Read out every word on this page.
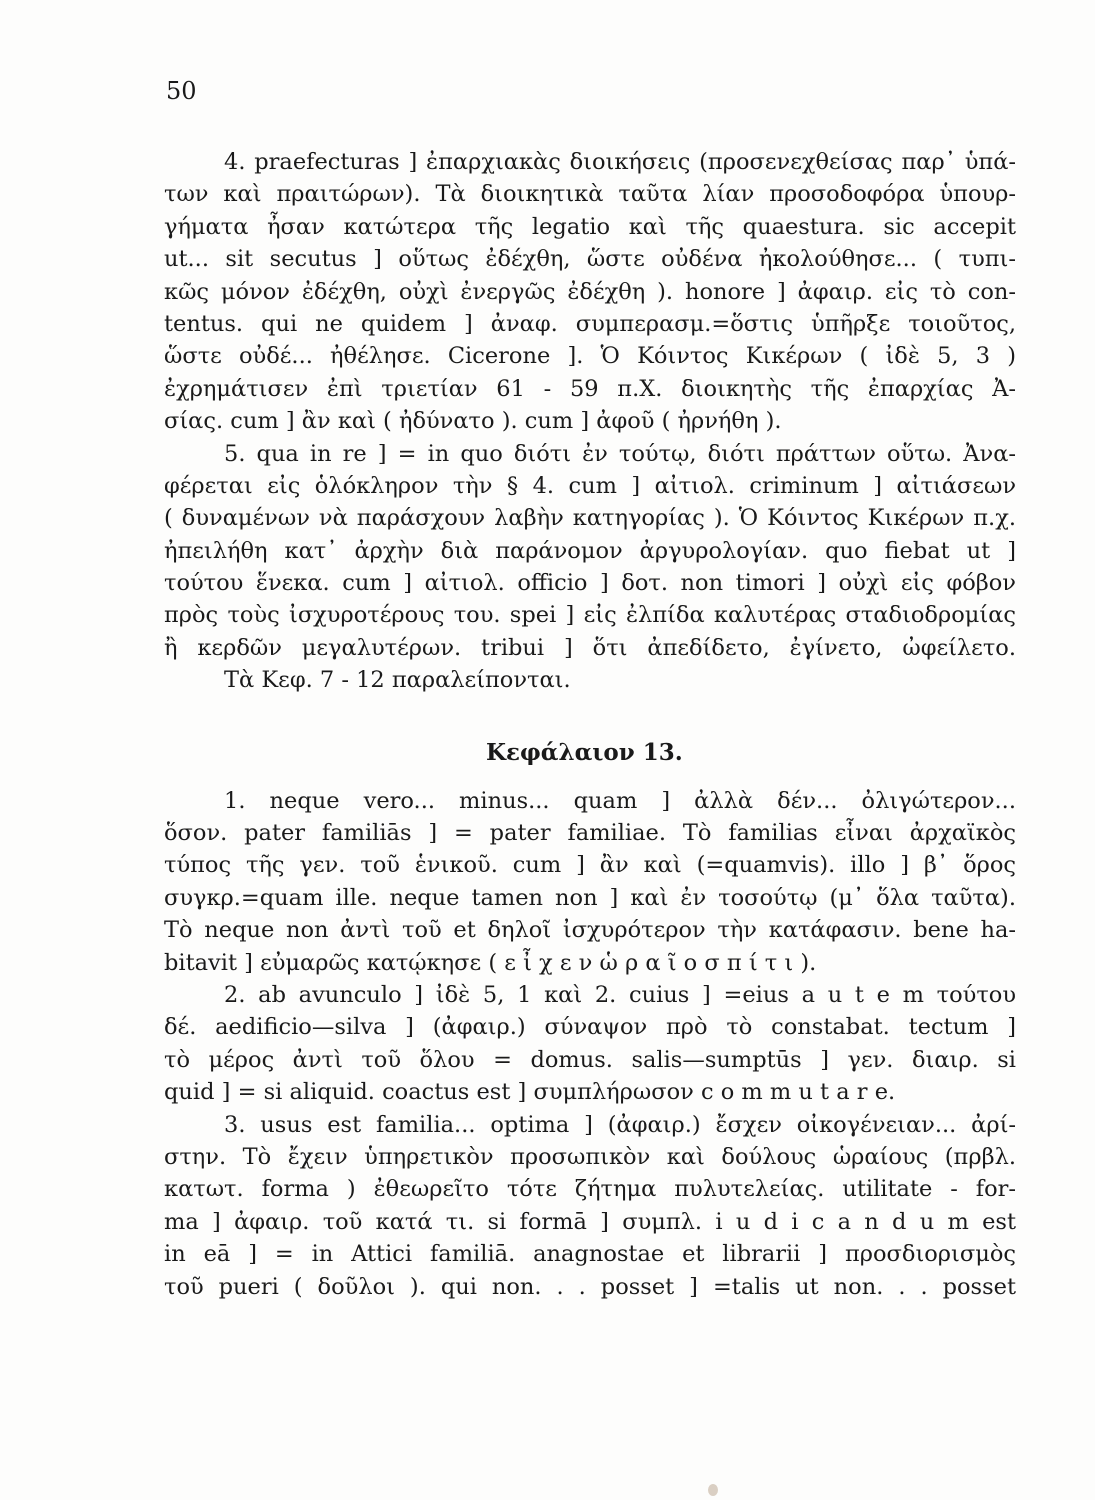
50
4. praefecturas ] ἐπαρχιακὰς διοικήσεις (προσενεχθείσας παρ᾽ ὑπά-
των καὶ πραιτώρων). Τὰ διοικητικὰ ταῦτα λίαν προσοδοφόρα ὑπουρ-
γήματα ἦσαν κατώτερα τῆς legatio καὶ τῆς quaestura. sic accepit
ut... sit secutus ] οὕτως ἐδέχθη, ὥστε οὐδένα ἠκολούθησε... ( τυπι-
κῶς μόνον ἐδέχθη, οὐχὶ ἐνεργῶς ἐδέχθη ). honore ] ἀφαιρ. εἰς τὸ con-
tentus. qui ne quidem ] ἀναφ. συμπερασμ.=ὅστις ὑπῆρξε τοιοῦτος,
ὥστε οὐδέ... ἠθέλησε. Cicerone ]. Ὁ Κόιντος Κικέρων ( ἰδὲ 5, 3 )
ἐχρημάτισεν ἐπὶ τριετίαν 61 - 59 π.Χ. διοικητὴς τῆς ἐπαρχίας Ἀ-
σίας. cum ] ἂν καὶ ( ἠδύνατο ). cum ] ἀφοῦ ( ἠρνήθη ).
5. qua in re ] = in quo διότι ἐν τούτῳ, διότι πράττων οὕτω. Ἀνα-
φέρεται εἰς ὁλόκληρον τὴν § 4. cum ] αἰτιολ. criminum ] αἰτιάσεων
( δυναμένων νὰ παράσχουν λαβὴν κατηγορίας ). Ὁ Κόιντος Κικέρων π.χ.
ἠπειλήθη κατ᾽ ἀρχὴν διὰ παράνομον ἀργυρολογίαν. quo fiebat ut ]
τούτου ἕνεκα. cum ] αἰτιολ. officio ] δοτ. non timori ] οὐχὶ εἰς φόβον
πρὸς τοὺς ἰσχυροτέρους του. spei ] εἰς ἐλπίδα καλυτέρας σταδιοδρομίας
ἢ κερδῶν μεγαλυτέρων. tribui ] ὅτι ἀπεδίδετο, ἐγίνετο, ὠφείλετο.
Τὰ Κεφ. 7 - 12 παραλείπονται.
Κεφάλαιον 13.
1. neque vero... minus... quam ] ἀλλὰ δέν... ὀλιγώτερον...
ὅσον. pater familiās ] = pater familiae. Τὸ familias εἶναι ἀρχαϊκὸς
τύπος τῆς γεν. τοῦ ἑνικοῦ. cum ] ἂν καὶ (=quamvis). illo ] β᾽ ὅρος
συγκρ.=quam ille. neque tamen non ] καὶ ἐν τοσούτῳ (μ᾽ ὅλα ταῦτα).
Τὸ neque non ἀντὶ τοῦ et δηλοῖ ἰσχυρότερον τὴν κατάφασιν. bene ha-
bitavit ] εὐμαρῶς κατῴκησε ( ε ἶ χ ε ν ὡ ρ α ῖ ο σ π ί τ ι ).
2. ab avunculo ] ἰδὲ 5, 1 καὶ 2. cuius ] =eius a u t e m τούτου
δέ. aedificio—silva ] (ἀφαιρ.) σύναψον πρὸ τὸ constabat. tectum ]
τὸ μέρος ἀντὶ τοῦ ὅλου = domus. salis—sumptūs ] γεν. διαιρ. si
quid ] = si aliquid. coactus est ] συμπλήρωσον c o m m u t a r e.
3. usus est familia... optima ] (ἀφαιρ.) ἔσχεν οἰκογένειαν... ἀρί-
στην. Τὸ ἔχειν ὑπηρετικὸν προσωπικὸν καὶ δούλους ὡραίους (πρβλ.
κατωτ. forma ) ἐθεωρεῖτο τότε ζήτημα πυλυτελείας. utilitate - for-
ma ] ἀφαιρ. τοῦ κατά τι. si formā ] συμπλ. i u d i c a n d u m est
in eā ] = in Attici familiā. anagnostae et librarii ] προσδιορισμὸς
τοῦ pueri ( δοῦλοι ). qui non. . . posset ] =talis ut non. . . posset
